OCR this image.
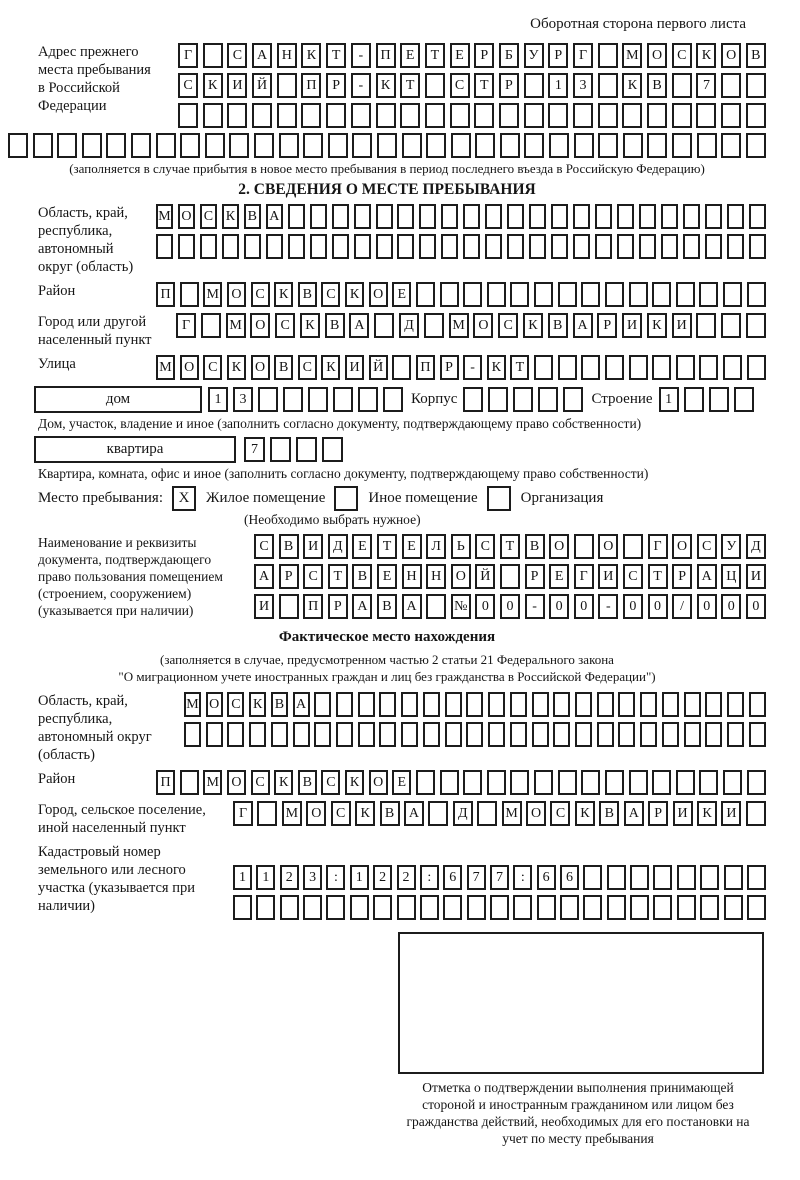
Оборотная сторона первого листа
Адрес прежнего места пребывания в Российской Федерации
Г	С	А	Н	К	Т	-	П	Е	Т	Е	Р	Б	У	Р	Г	М О	С	К	О	В
С	К	И	Й	П	Р	-	К	Т	С	Т	Р	1	3	К	В	7
(заполняется в случае прибытия в новое место пребывания в период последнего въезда в Российскую Федерацию)
2. СВЕДЕНИЯ О МЕСТЕ ПРЕБЫВАНИЯ
Область, край, республика, автономный округ (область)
М О С К В А
Район	П	М О С	К	В	С	К О	Е
Город или другой населенный пункт
Г	М О	С	К	В	А	Д	М О	С	К	В	А	Р	И	К	И
Улица	М О С	К О В	С	К И Й	П	Р	-	К	Т
дом	1	3	Корпус	Строение 1
Дом, участок, владение и иное (заполнить согласно документу, подтверждающему право собственности)
квартира	7
Квартира, комната, офис и иное (заполнить согласно документу, подтверждающему право собственности)
Место пребывания:	X	Жилое помещение	Иное помещение	Организация
(Необходимо выбрать нужное)
Наименование и реквизиты документа, подтверждающего право пользования помещением (строением, сооружением) (указывается при наличии)
С	В	И	Д	Е	Т	Е	Л	Ь	С	Т	В	О	О	Г	О	С	У	Д
А	Р	С	Т	В	Е	Н	Н	О	Й	Р	Е	Г	И	С	Т	Р	А	Ц	И
И	П	Р	А	В	А	№	0	0	-	0	0	-	0	0	/	0	0	0
Фактическое место нахождения
(заполняется в случае, предусмотренном частью 2 статьи 21 Федерального закона
"О миграционном учете иностранных граждан и лиц без гражданства в Российской Федерации")
Область, край, республика, автономный округ (область)
М О С К В А
Район	П	М О С	К	В	С	К О	Е
Город, сельское поселение, иной населенный пункт
Г	М О	С	К	В	А	Д	М О	С	К	В	А	Р	И	К	И
Кадастровый номер земельного или лесного участка (указывается при наличии)
1	1	2	3	:	1	2	2	:	6	7	7	:	6	6
Отметка о подтверждении выполнения принимающей стороной и иностранным гражданином или лицом без гражданства действий, необходимых для его постановки на учет по месту пребывания
